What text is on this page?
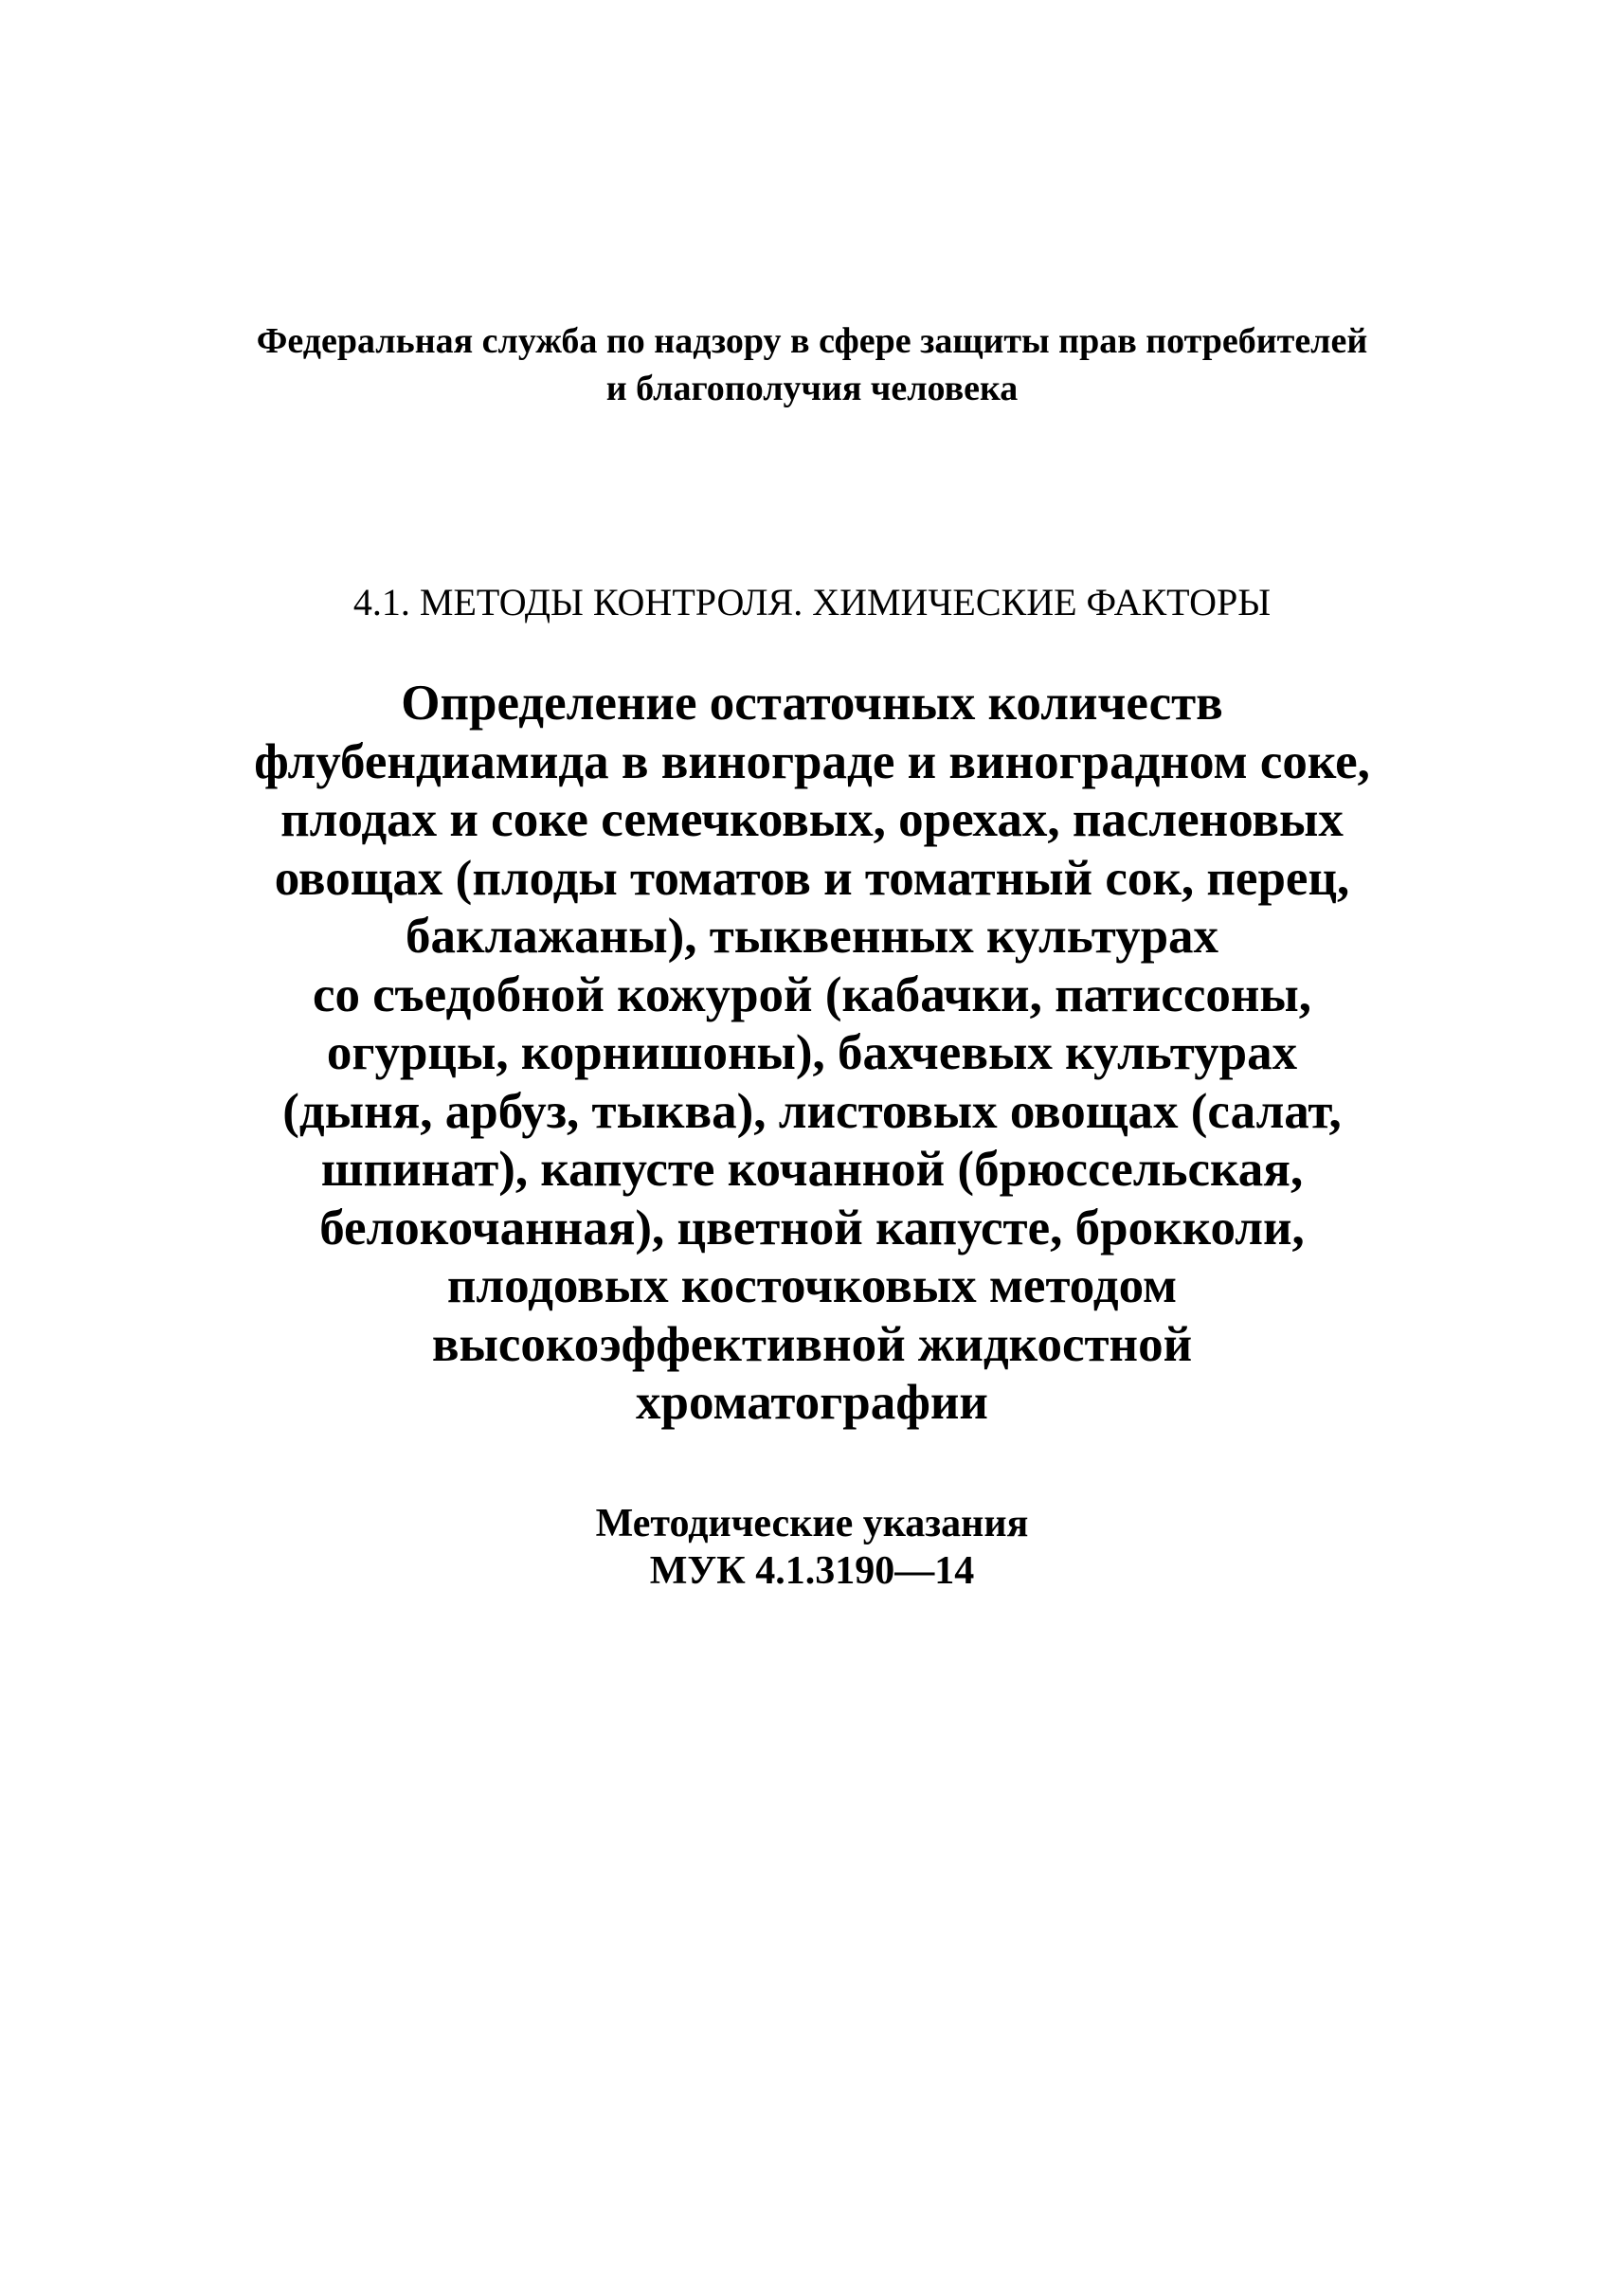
Федеральная служба по надзору в сфере защиты прав потребителей
и благополучия человека
4.1. МЕТОДЫ КОНТРОЛЯ. ХИМИЧЕСКИЕ ФАКТОРЫ
Определение остаточных количеств
флубендиамида в винограде и виноградном соке,
плодах и соке семечковых, орехах, пасленовых
овощах (плоды томатов и томатный сок, перец,
баклажаны), тыквенных культурах
со съедобной кожурой (кабачки, патиссоны,
огурцы, корнишоны), бахчевых культурах
(дыня, арбуз, тыква), листовых овощах (салат,
шпинат), капусте кочанной (брюссельская,
белокочанная), цветной капусте, брокколи,
плодовых косточковых методом
высокоэффективной жидкостной
хроматографии
Методические указания
МУК 4.1.3190—14
